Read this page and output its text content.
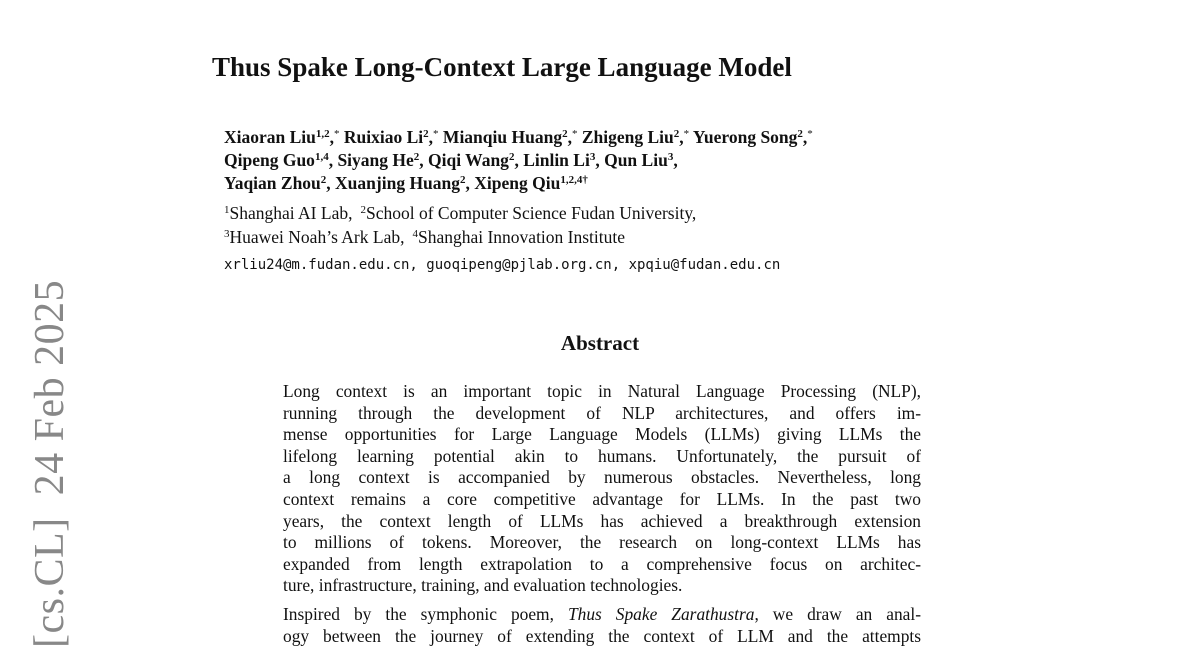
[cs.CL]24 Feb 2025
Thus Spake Long-Context Large Language Model
Xiaoran Liu$^{1,2}$,* Ruixiao Li$^2$,* Mianqiu Huang$^2$,* Zhigeng Liu$^2$,* Yuerong Song$^2$,*
Qipeng Guo$^{1,4}$, Siyang He$^2$, Qiqi Wang$^2$, Linlin Li$^3$, Qun Liu$^3$,
Yaqian Zhou$^2$, Xuanjing Huang$^2$, Xipeng Qiu$^{1,2,4\dagger}$
$^1$Shanghai AI Lab, $^2$School of Computer Science Fudan University,
$^3$Huawei Noah’s Ark Lab, $^4$Shanghai Innovation Institute
xrliu24@m.fudan.edu.cn, guoqipeng@pjlab.org.cn, xpqiu@fudan.edu.cn
Abstract
Long context is an important topic in Natural Language Processing (NLP),
running through the development of NLP architectures, and offers im-
mense opportunities for Large Language Models (LLMs) giving LLMs the
lifelong learning potential akin to humans. Unfortunately, the pursuit of
a long context is accompanied by numerous obstacles. Nevertheless, long
context remains a core competitive advantage for LLMs. In the past two
years, the context length of LLMs has achieved a breakthrough extension
to millions of tokens. Moreover, the research on long-context LLMs has
expanded from length extrapolation to a comprehensive focus on architec-
ture, infrastructure, training, and evaluation technologies.
Inspired by the symphonic poem, Thus Spake Zarathustra, we draw an anal-
ogy between the journey of extending the context of LLM and the attempts
